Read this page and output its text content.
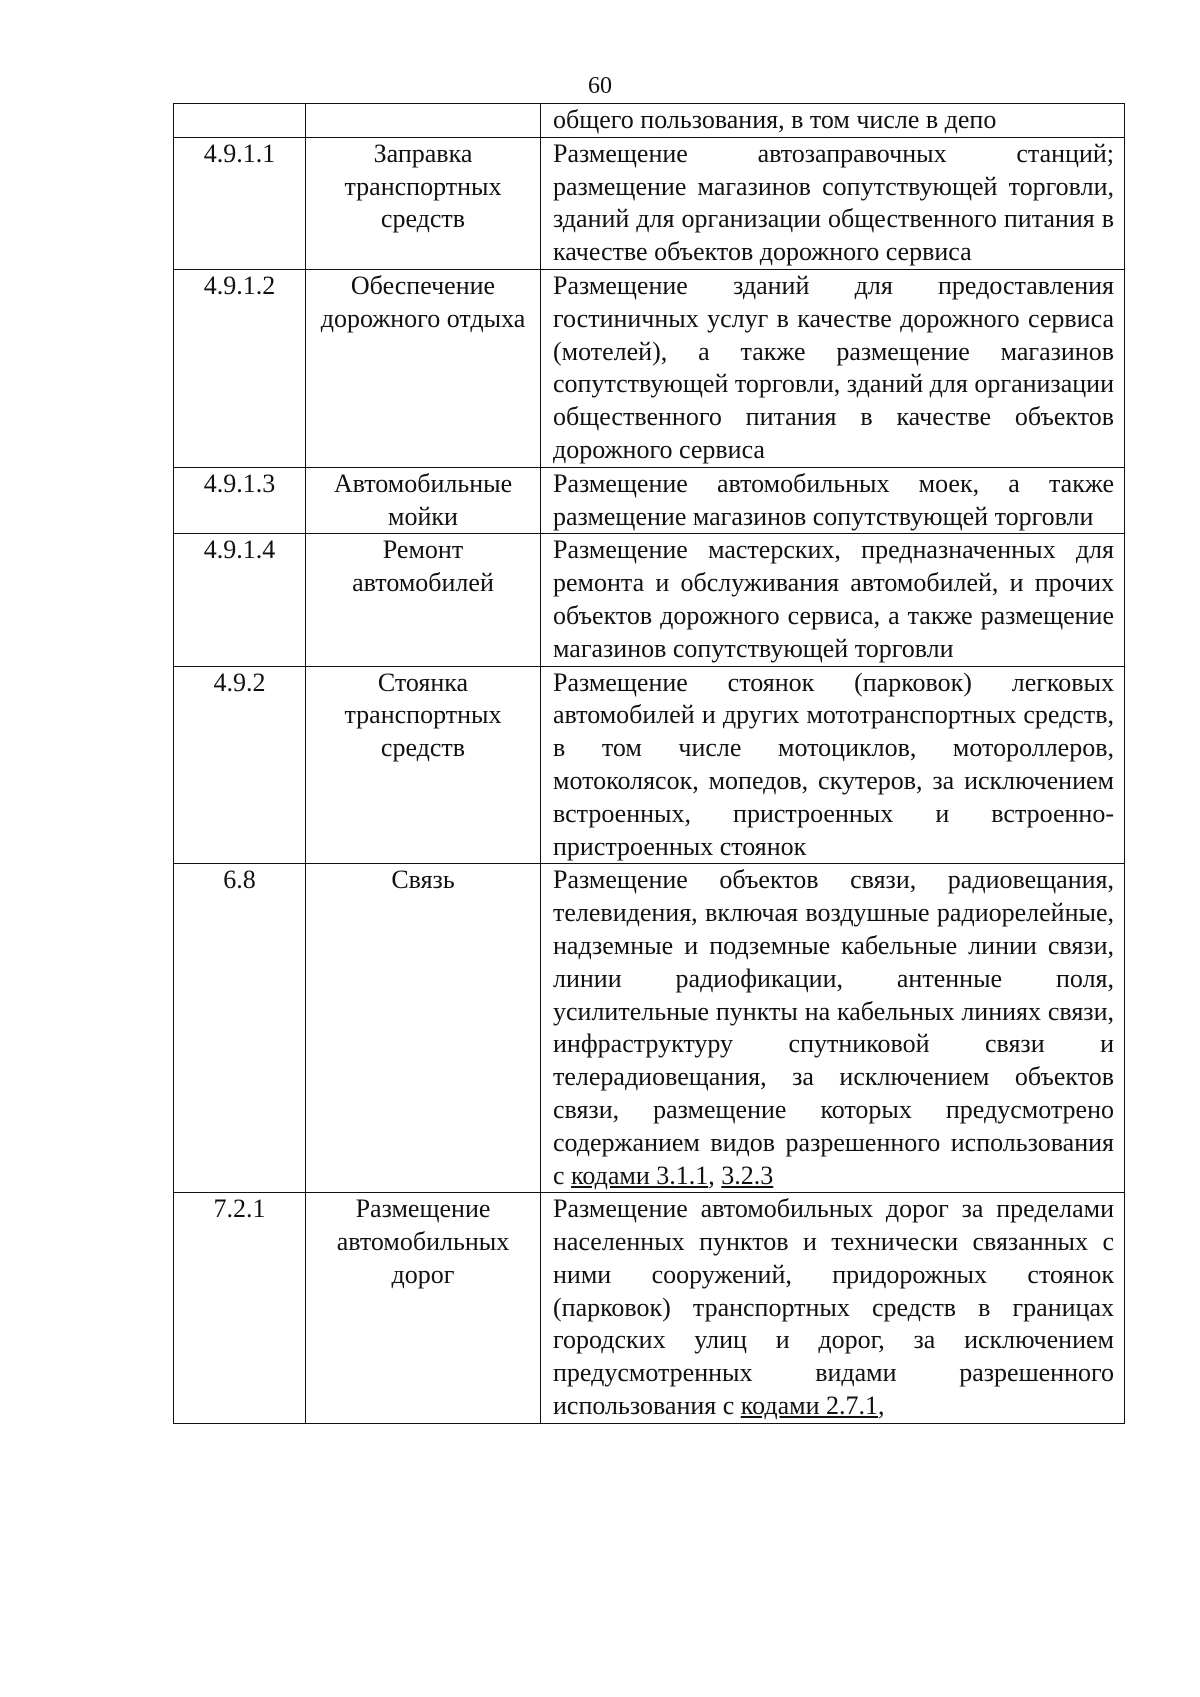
60
		общего пользования, в том числе в депо
4.9.1.1	Заправка транспортных средств	Размещение автозаправочных станций; размещение магазинов сопутствующей торговли, зданий для организации общественного питания в качестве объектов дорожного сервиса
4.9.1.2	Обеспечение дорожного отдыха	Размещение зданий для предоставления гостиничных услуг в качестве дорожного сервиса (мотелей), а также размещение магазинов сопутствующей торговли, зданий для организации общественного питания в качестве объектов дорожного сервиса
4.9.1.3	Автомобильные мойки	Размещение автомобильных моек, а также размещение магазинов сопутствующей торговли
4.9.1.4	Ремонт автомобилей	Размещение мастерских, предназначенных для ремонта и обслуживания автомобилей, и прочих объектов дорожного сервиса, а также размещение магазинов сопутствующей торговли
4.9.2	Стоянка транспортных средств	Размещение стоянок (парковок) легковых автомобилей и других мототранспортных средств, в том числе мотоциклов, мотороллеров, мотоколясок, мопедов, скутеров, за исключением встроенных, пристроенных и встроенно-пристроенных стоянок
6.8	Связь	Размещение объектов связи, радиовещания, телевидения, включая воздушные радиорелейные, надземные и подземные кабельные линии связи, линии радиофикации, антенные поля, усилительные пункты на кабельных линиях связи, инфраструктуру спутниковой связи и телерадиовещания, за исключением объектов связи, размещение которых предусмотрено содержанием видов разрешенного использования с кодами 3.1.1, 3.2.3
7.2.1	Размещение автомобильных дорог	Размещение автомобильных дорог за пределами населенных пунктов и технически связанных с ними сооружений, придорожных стоянок (парковок) транспортных средств в границах городских улиц и дорог, за исключением предусмотренных видами разрешенного использования с кодами 2.7.1,
